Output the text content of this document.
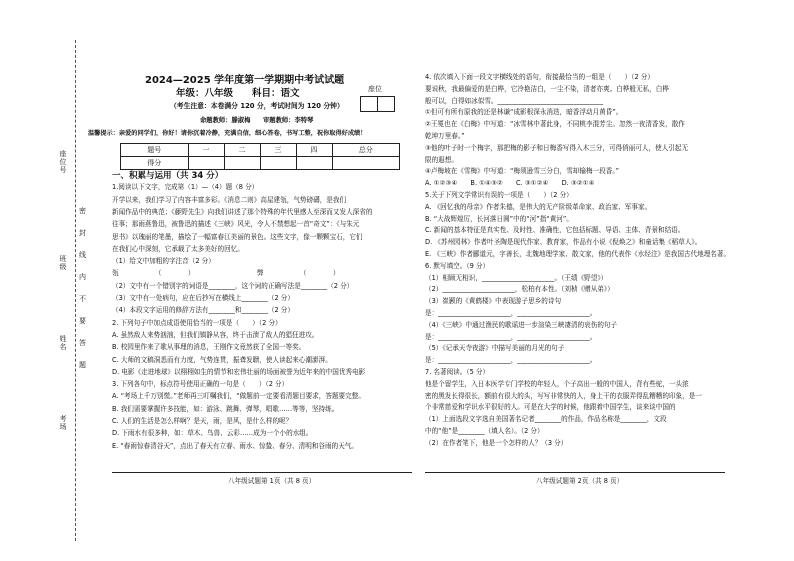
座位号
班级
姓名
考场
密
封
线
内
不
要
答
题
2024—2025 学年度第一学期期中考试试题
年级：八年级　　科目：语文
（考生注意：本卷满分 120 分，考试时间为 120 分钟）
座位
命题教师：滕淑梅　　审题教师：李特琴
温馨提示：亲爱的同学们，你好！请你沉着冷静，充满自信，细心答卷，书写工整，祝你取得好成绩！
题号	一	二	三	四	总分
得分					
一、积累与运用（共 34 分）
1.阅读以下文字，完成第（1）—（4）题（8 分）
开学以来，我们学习了内容丰富多彩。《消息二则》高屋建瓴，气势磅礴，是我们
新闻作品中的典范；《藤野先生》向我们讲述了那个特殊的年代里感人至深而又发人深省的
往事；那雨燕鲁迅，被鲁迅的描述《三峡》风光，令人不禁想起一首“奇文”：《与朱元
思书》以瑰丽的笔墨，描绘了一幅富春江美丽的景色。这些文字，像一颗颗宝石，它们
在我们心中深刻，它承载了太多美好的回忆。
（1）给文中加粗的字注音（2 分）
瓴　　　　　　（　　　　）　　　　　　　　　　弊　　　　　　（　　　　）
（2）文中有一个错别字的词语是________，这个词的正确写法是________（2 分）
（3）文中有一处病句，应在后抄写在横线上________（2 分）
（4）本段文字运用的修辞方法有________和________（2 分）
2. 下列句子中加点成语使用恰当的一项是（　　）（2 分）
A. 虽然敌人来势汹汹，但我们镇静从容，终于击溃了敌人的猖狂进攻。
B. 校园里作来了歌从事理的消息，王刚作文竟然获了全国一等奖。
C. 大师的文稿洞悉而有力度，气势连贯，振聋发聩，使人读起来心潮澎湃。
D. 电影《走进地球》以栩栩如生的情节和宏伟壮丽的场面被誉为近年来的中国优秀电影
3. 下列各句中，标点符号使用正确的一句是（　　）（2 分）
A. “考场上千万别慌。”老师再三叮嘱我们，“做题前一定要看清题目要求，答题要完整。
B. 我们需要掌握许多技能，如：游泳、跳舞、弹琴，唱歌……等等，坚持练。
C. 人们的生活是怎么样啊？是天，雨，是风，是什么样的呢？
D. 下雨水有很多种，如：草木、鸟兽、云彩……成为一个小的水组。
E. “春雨惊春清谷天”，点出了春天有立春、雨水、惊蛰、春分、清明和谷雨的天气。
4. 依次填入下面一段文字横线处的语句，衔接最恰当的一组是（　　）（2 分）
要说秋，我最偏爱的是白桦，它冷艳洁白，一尘不染，清者亦爽。白桦般无私，白桦
般可以，白得如冰似雪。________________________________
①但可有所有原我的还是林谦“成影根深永消迭，暗香浮动月黄昏”。
②王冕也在《白梅》中写道：“冰雪林中著此身，不同桃李混芳尘。忽然一夜清香发，散作
乾坤万里春。”
③他的叶子时一个梅字，那把梅的影子和日梅香写得入木三分，可得俏丽可人，使人引起无
限的遐想。
④卢梅坡在《雪梅》中写道：“梅须逊雪三分白，雪却输梅一段香。”
A. ①②③④　　B. ①④③②　　C. ③①②④　　D. ③②①④
5.关于下列文学常识有误的一项是（　　）（2 分）
A. 《回忆我的母亲》作者朱德，是伟大的无产阶级革命家、政治家、军事家。
B. “大战辉煌厉，长河落日圆”中的“河”指“黄河”。
C. 新闻的基本特征是真实性、及时性、准确性，它包括标题、导语、主体、背景和结语。
D. 《苏州园林》作者叶圣陶是现代作家、教育家，作品有小说《倪焕之》和童话集《稻草人》。
E. 《三峡》作者郦道元，字善长，北魏地理学家、散文家，他的代表作《水经注》是我国古代地理名著。
6. 默写填空。（9 分）
（1）相顾无相识，______________________。（王绩《野望》）
（2）______________________，松柏有本性。（刘桢《赠从弟》）
（3）崔颢的《黄鹤楼》中表现游子思乡的诗句
是：______________________，______________________。
（4）《三峡》中通过渔民的歌谣进一步渲染三峡凄清的哀伤的句子
是：______________________，______________________。
（5）《记承天寺夜游》中描写美丽的月光的句子
是：______________________，______________________。
7. 名著阅读。（5 分）
他是个留学生，入日本医学专门学校的年轻人，个子高出一般的中国人，背有些驼，一头浓
密的黑发长得很长，额前有很大的头，写写非常快的人，身上干的衣服弄得乱糟糟的印象，是一
个非常慈爱和学识水平很好的人。可是在大学的时候，他跟着中国学生，谈来谈中国的
（1）上面选段文字选自美国著名记者________的作品，作品名称是________，文段
中的“他”是________（填人名）。（2 分）
（2）在作者笔下，他是一个怎样的人？（3 分）
八年级试题第 1页（共 8 页）	八年级试题第 2页（共 8 页）
